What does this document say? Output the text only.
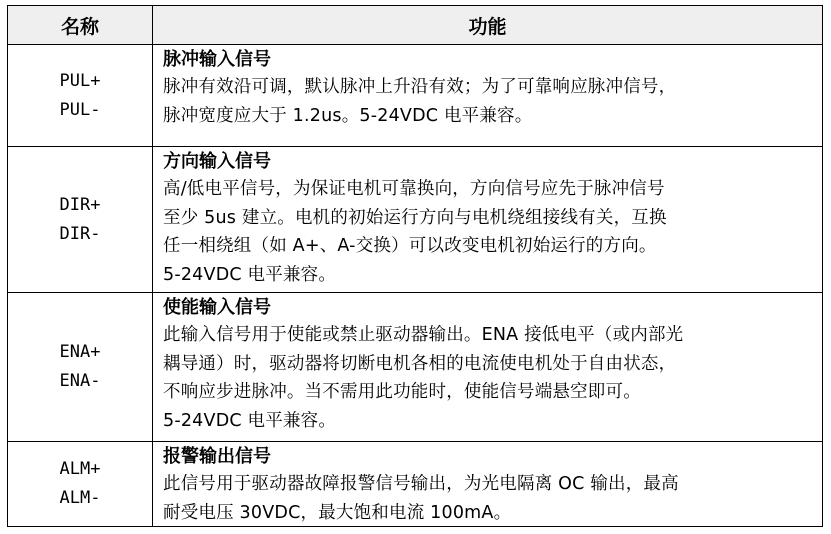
名称	功能
PUL+
PUL-
脉冲输入信号
脉冲有效沿可调，默认脉冲上升沿有效；为了可靠响应脉冲信号，
脉冲宽度应大于 1.2us。5-24VDC 电平兼容。
DIR+
DIR-
方向输入信号
高/低电平信号，为保证电机可靠换向，方向信号应先于脉冲信号
至少 5us 建立。电机的初始运行方向与电机绕组接线有关，互换
任一相绕组（如 A+、A-交换）可以改变电机初始运行的方向。
5-24VDC 电平兼容。
ENA+
ENA-
使能输入信号
此输入信号用于使能或禁止驱动器输出。ENA 接低电平（或内部光
耦导通）时，驱动器将切断电机各相的电流使电机处于自由状态，
不响应步进脉冲。当不需用此功能时，使能信号端悬空即可。
5-24VDC 电平兼容。
ALM+
ALM-
报警输出信号
此信号用于驱动器故障报警信号输出，为光电隔离 OC 输出，最高
耐受电压 30VDC，最大饱和电流 100mA。
